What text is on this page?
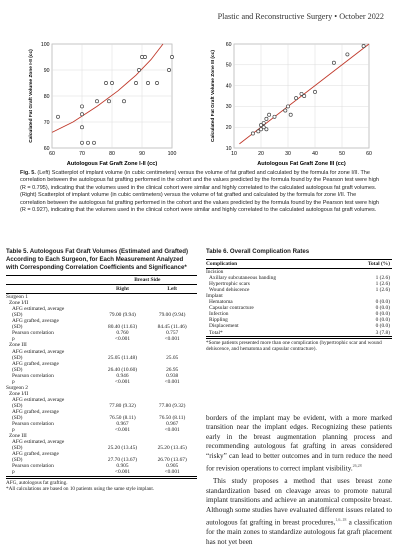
Plastic and Reconstructive Surgery • October 2022
60	70	80	90	100
60
70
80
90
100
Autologous Fat Graft Zone I-II (cc)
Calculated Fat Graft Volume Zone I-II (cc)
10	20	30	40	50	60
10
20
30
40
50
60
Autologous Fat Graft Zone III (cc)
Calculated Fat Graft Volume Zone III (cc)
Fig. 5. (Left) Scatterplot of implant volume (in cubic centimeters) versus the volume of fat grafted and calculated by the formula for zone I/II. The correlation between the autologous fat grafting performed in the cohort and the values predicted by the formula found by the Pearson test were high (R = 0.795), indicating that the volumes used in the clinical cohort were similar and highly correlated to the calculated autologous fat graft volumes. (Right) Scatterplot of implant volume (in cubic centimeters) versus the volume of fat grafted and calculated by the formula for zone I/II. The correlation between the autologous fat grafting performed in the cohort and the values predicted by the formula found by the Pearson test were high (R = 0.927), indicating that the volumes used in the clinical cohort were similar and highly correlated to the calculated autologous fat graft volumes.
Table 5. Autologous Fat Graft Volumes (Estimated and Grafted) According to Each Surgeon, for Each Measurement Analyzed with Corresponding Correlation Coefficients and Significance*
	Breast Side	
	Right	Left
Surgeon 1		
Zone I/II		
AFG estimated, average		
(SD)	79.00 (9.94)	79.00 (9.94)
AFG grafted, average		
(SD)	80.40 (11.63)	84.45 (11.46)
Pearson correlation	0.760	0.757
p	<0.001	<0.001
Zone III		
AFG estimated, average		
(SD)	25.05 (11.48)	25.05
AFG grafted, average		
(SD)	26.40 (10.60)	26.95
Pearson correlation	0.946	0.938
p	<0.001	<0.001
Surgeon 2		
Zone I/II		
AFG estimated, average		
(SD)	77.80 (9.32)	77.80 (9.32)
AFG grafted, average		
(SD)	76.50 (8.11)	76.50 (8.11)
Pearson correlation	0.967	0.967
p	<0.001	<0.001
Zone III		
AFG estimated, average		
(SD)	25.20 (13.45)	25.20 (13.45)
AFG grafted, average		
(SD)	27.70 (13.67)	26.70 (13.67)
Pearson correlation	0.905	0.905
p	<0.001	<0.001
AFG, autologous fat grafting.
*All calculations are based on 10 patients using the same style implant.
Table 6. Overall Complication Rates
Complication	Total (%)
Incision	
Axillary subcutaneous banding	1 (2.6)
Hypertrophic scars	1 (2.6)
Wound dehiscence	1 (2.6)
Implant	
Hematoma	0 (0.0)
Capsular contracture	0 (0.0)
Infection	0 (0.0)
Rippling	0 (0.0)
Displacement	0 (0.0)
Total*	3 (7.8)
*Some patients presented more than one complication (hypertrophic scar and wound dehiscence, and hematoma and capsular contracture).

borders of the implant may be evident, with a more marked transition near the implant edges. Recognizing these patients early in the breast augmentation planning process and recommending autologous fat grafting in areas considered “risky” can lead to better outcomes and in turn reduce the need for revision operations to correct implant visibility.$^{26,28}$

This study proposes a method that uses breast zone standardization based on cleavage areas to promote natural implant transitions and achieve an anatomical composite breast. Although some studies have evaluated different issues related to autologous fat grafting in breast procedures,$^{1,6-18}$ a classification for the main zones to standardize autologous fat graft placement has not yet been
